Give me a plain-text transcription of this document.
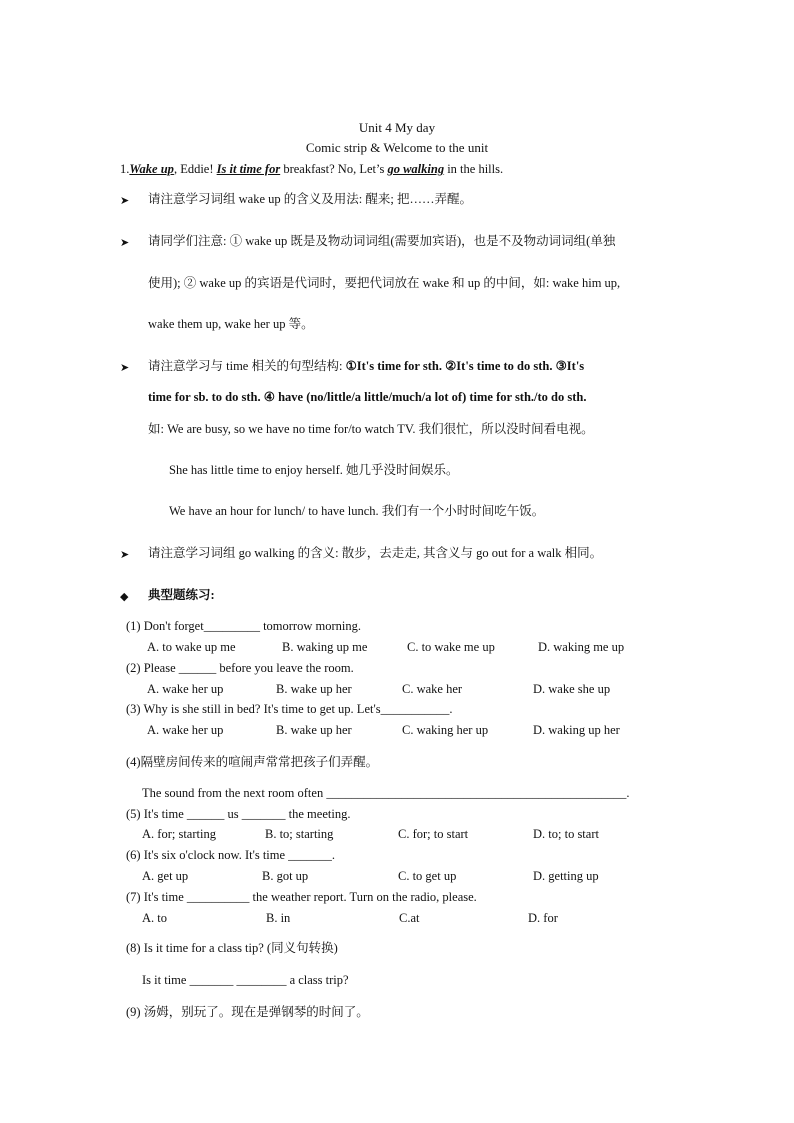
Unit 4 My day
Comic strip & Welcome to the unit
1.Wake up, Eddie! Is it time for breakfast? No, Let’s go walking in the hills.
➤ 请注意学习词组 wake up 的含义及用法: 醒来; 把……弄醒。
➤ 请同学们注意: ① wake up 既是及物动词词组(需要加宾语)，也是不及物动词词组(单独
使用); ② wake up 的宾语是代词时，要把代词放在 wake 和 up 的中间，如: wake him up,
wake them up, wake her up 等。
➤ 请注意学习与 time 相关的句型结构: ①It's time for sth. ②It's time to do sth. ③It's
time for sb. to do sth. ④ have (no/little/a little/much/a lot of) time for sth./to do sth.
如: We are busy, so we have no time for/to watch TV. 我们很忙，所以没时间看电视。
She has little time to enjoy herself. 她几乎没时间娱乐。
We have an hour for lunch/ to have lunch. 我们有一个小时时间吃午饭。
➤ 请注意学习词组 go walking 的含义: 散步，去走走, 其含义与 go out for a walk 相同。
◆ 典型题练习:
(1) Don't forget_________ tomorrow morning.
A. to wake up me	B. waking up me	C. to wake me up	D. waking me up
(2) Please ______ before you leave the room.
A. wake her up	B. wake up her	C. wake her	D. wake she up
(3) Why is she still in bed? It's time to get up. Let's___________.
A. wake her up	B. wake up her	C. waking her up	D. waking up her
(4)隔壁房间传来的喧闹声常常把孩子们弄醒。
The sound from the next room often ________________________________________________.
(5) It's time ______ us _______ the meeting.
A. for; starting	B. to; starting	C. for; to start	D. to; to start
(6) It's six o'clock now. It's time _______.
A. get up	B. got up	C. to get up	D. getting up
(7) It's time __________ the weather report. Turn on the radio, please.
A. to	B. in	C.at	D. for
(8) Is it time for a class tip? (同义句转换)
Is it time _______ ________ a class trip?
(9) 汤姆，别玩了。现在是弹钢琴的时间了。
